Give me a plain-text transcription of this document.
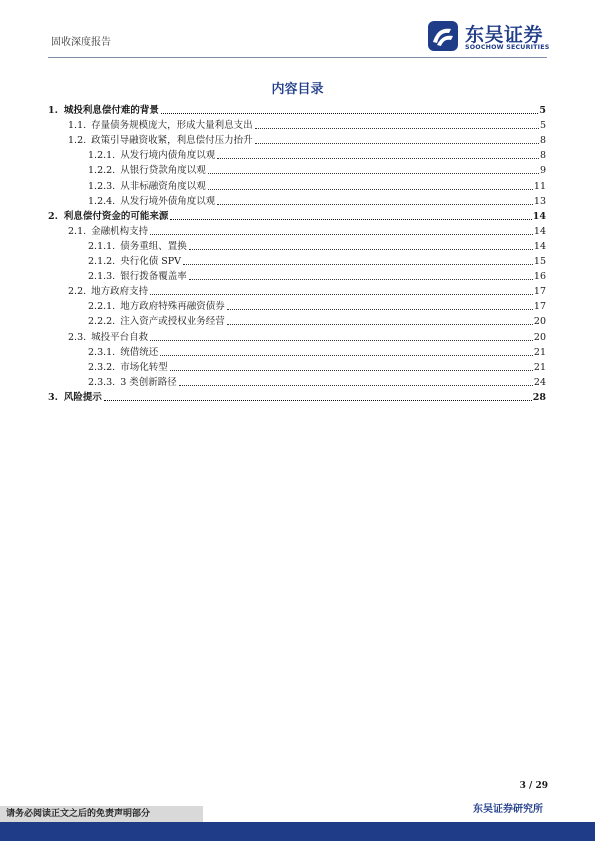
固收深度报告	东吴证券
SOOCHOW SECURITIES
内容目录
1. 城投利息偿付难的背景	5
1.1. 存量债务规模庞大，形成大量利息支出	5
1.2. 政策引导融资收紧，利息偿付压力抬升	8
1.2.1. 从发行境内债角度以观	8
1.2.2. 从银行贷款角度以观	9
1.2.3. 从非标融资角度以观	11
1.2.4. 从发行境外债角度以观	13
2. 利息偿付资金的可能来源	14
2.1. 金融机构支持	14
2.1.1. 债务重组、置换	14
2.1.2. 央行化债 SPV	15
2.1.3. 银行拨备覆盖率	16
2.2. 地方政府支持	17
2.2.1. 地方政府特殊再融资债券	17
2.2.2. 注入资产或授权业务经营	20
2.3. 城投平台自救	20
2.3.1. 统借统还	21
2.3.2. 市场化转型	21
2.3.3. 3 类创新路径	24
3. 风险提示	28
3 / 29
请务必阅读正文之后的免责声明部分	东吴证券研究所
